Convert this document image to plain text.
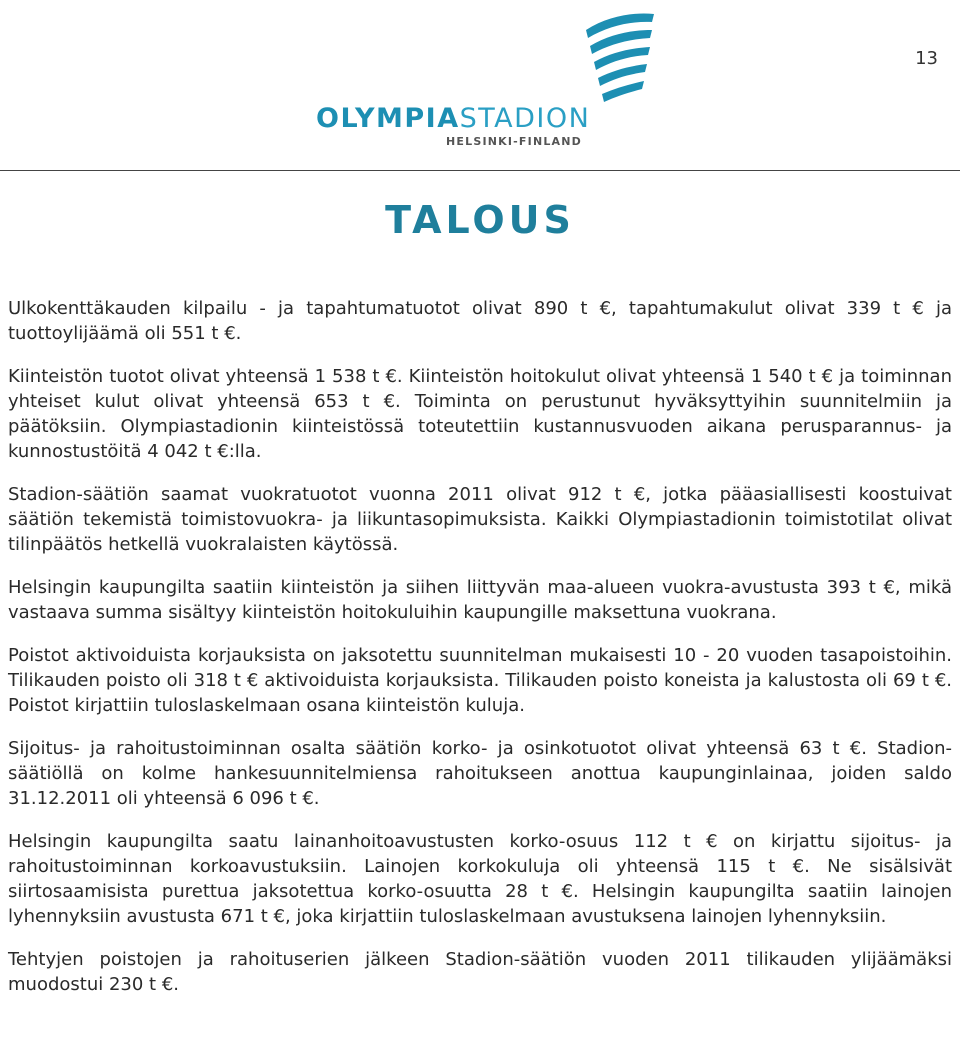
13
OLYMPIASTADION
HELSINKI-FINLAND
TALOUS

Ulkokenttäkauden kilpailu - ja tapahtumatuotot olivat 890 t €, tapahtumakulut olivat 339 t € ja tuottoylijäämä oli 551 t €.

Kiinteistön tuotot olivat yhteensä 1 538 t €. Kiinteistön hoitokulut olivat yhteensä 1 540 t € ja toiminnan yhteiset kulut olivat yhteensä 653 t €. Toiminta on perustunut hyväksyttyihin suunnitelmiin ja päätöksiin. Olympiastadionin kiinteistössä toteutettiin kustannusvuoden aikana perusparannus- ja kunnostustöitä 4 042 t €:lla.

Stadion-säätiön saamat vuokratuotot vuonna 2011 olivat 912 t €, jotka pääasiallisesti koostuivat säätiön tekemistä toimistovuokra- ja liikuntasopimuksista. Kaikki Olympiastadionin toimistotilat olivat tilinpäätös hetkellä vuokralaisten käytössä.

Helsingin kaupungilta saatiin kiinteistön ja siihen liittyvän maa-alueen vuokra-avustusta 393 t €, mikä vastaava summa sisältyy kiinteistön hoitokuluihin kaupungille maksettuna vuokrana.

Poistot aktivoiduista korjauksista on jaksotettu suunnitelman mukaisesti 10 - 20 vuoden tasapoistoihin. Tilikauden poisto oli 318 t € aktivoiduista korjauksista. Tilikauden poisto koneista ja kalustosta oli 69 t €. Poistot kirjattiin tuloslaskelmaan osana kiinteistön kuluja.

Sijoitus- ja rahoitustoiminnan osalta säätiön korko- ja osinkotuotot olivat yhteensä 63 t €. Stadion-säätiöllä on kolme hankesuunnitelmiensa rahoitukseen anottua kaupunginlainaa, joiden saldo 31.12.2011 oli yhteensä 6 096 t €.

Helsingin kaupungilta saatu lainanhoitoavustusten korko-osuus 112 t € on kirjattu sijoitus- ja rahoitustoiminnan korkoavustuksiin. Lainojen korkokuluja oli yhteensä 115 t €. Ne sisälsivät siirtosaamisista purettua jaksotettua korko-osuutta 28 t €. Helsingin kaupungilta saatiin lainojen lyhennyksiin avustusta 671 t €, joka kirjattiin tuloslaskelmaan avustuksena lainojen lyhennyksiin.

Tehtyjen poistojen ja rahoituserien jälkeen Stadion-säätiön vuoden 2011 tilikauden ylijäämäksi muodostui 230 t €.
